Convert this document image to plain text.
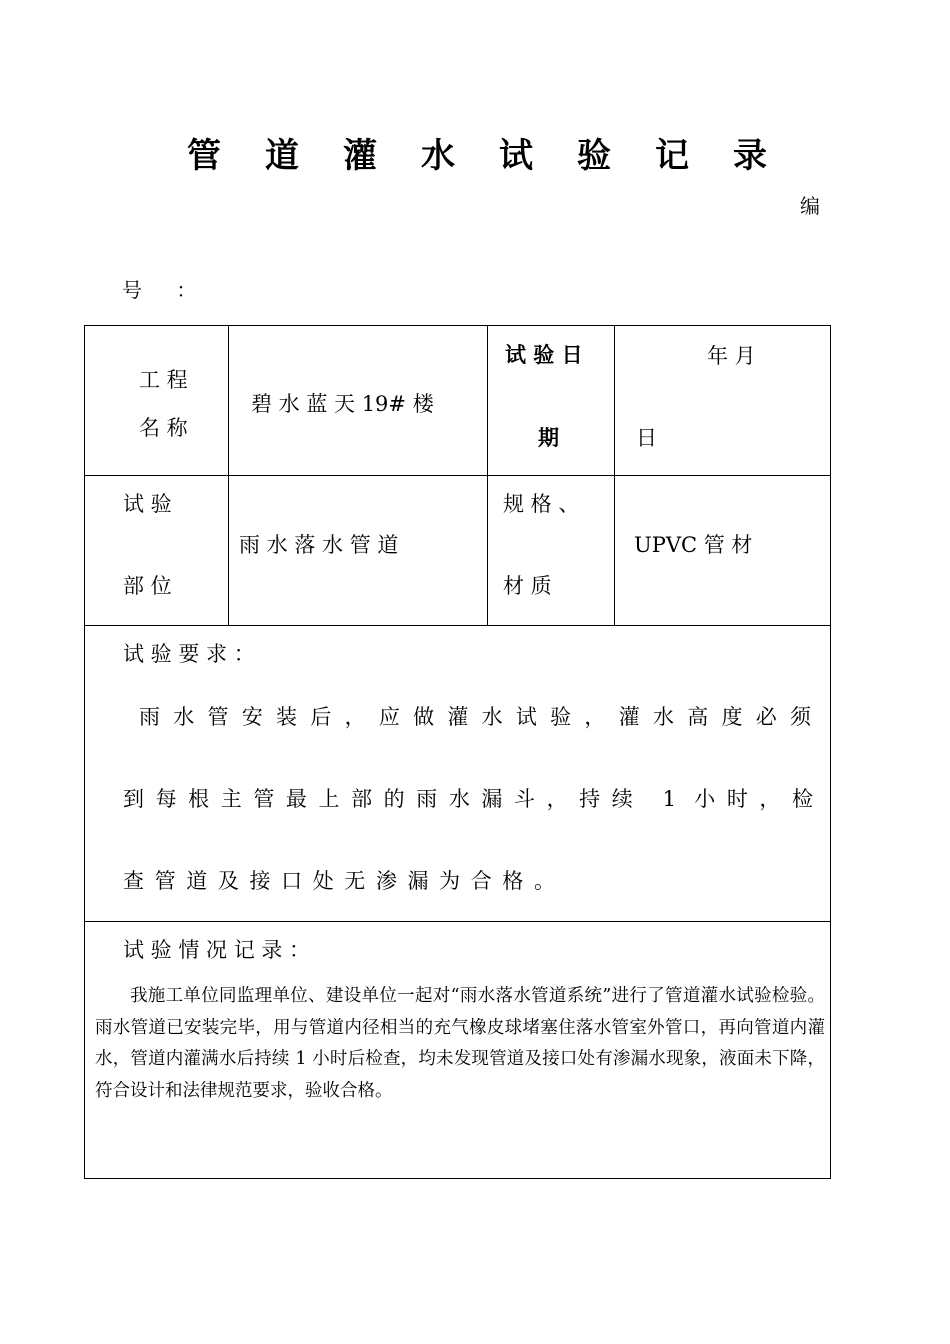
管 道 灌 水 试 验 记 录
编
号 ：
工 程
名 称
碧 水 蓝 天 19# 楼
试 验 日
期
年 月
日
试 验
部 位
雨 水 落 水 管 道
规 格 、
材 质
UPVC 管 材
试 验 要 求 ：
雨水管安装后，应做灌水试验，灌水高度必须
到每根主管最上部的雨水漏斗，持续 1 小时，检
查管道及接口处无渗漏为合格。
试 验 情 况 记 录 ：
我施工单位同监理单位、建设单位一起对“雨水落水管道系统”进行了管道灌水试验检验。雨水管道已安装完毕，用与管道内径相当的充气橡皮球堵塞住落水管室外管口，再向管道内灌水，管道内灌满水后持续 1 小时后检查，均未发现管道及接口处有渗漏水现象，液面未下降，符合设计和法律规范要求，验收合格。
